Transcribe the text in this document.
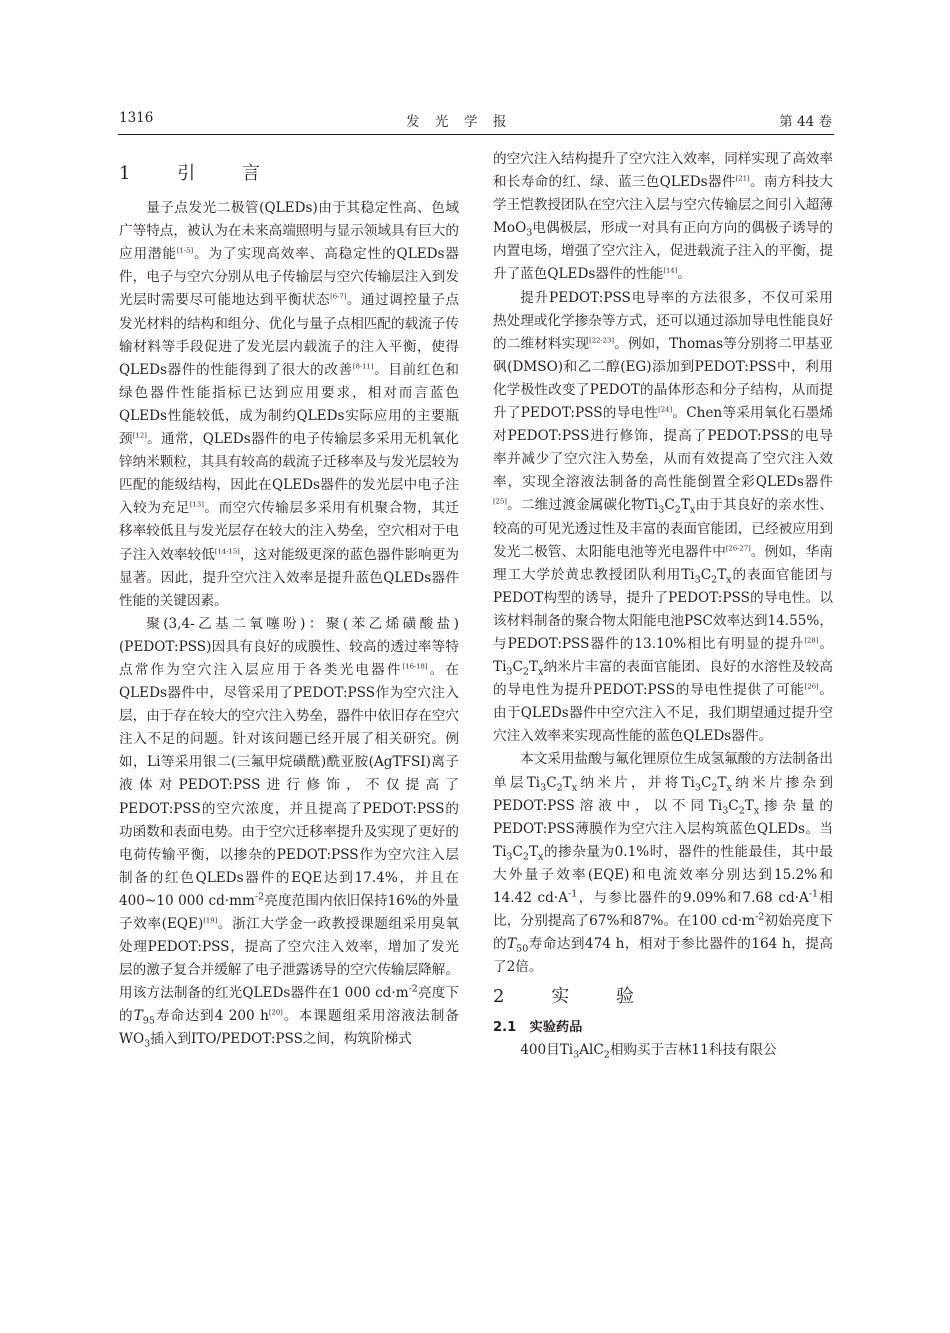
1316	发　光　学　报	第 44 卷
1　引　言

量子点发光二极管(QLEDs)由于其稳定性高、色域广等特点，被认为在未来高端照明与显示领域具有巨大的应用潜能[1-5]。为了实现高效率、高稳定性的QLEDs器件，电子与空穴分别从电子传输层与空穴传输层注入到发光层时需要尽可能地达到平衡状态[6-7]。通过调控量子点发光材料的结构和组分、优化与量子点相匹配的载流子传输材料等手段促进了发光层内载流子的注入平衡，使得QLEDs器件的性能得到了很大的改善[8-11]。目前红色和绿色器件性能指标已达到应用要求，相对而言蓝色QLEDs性能较低，成为制约QLEDs实际应用的主要瓶颈[12]。通常，QLEDs器件的电子传输层多采用无机氧化锌纳米颗粒，其具有较高的载流子迁移率及与发光层较为匹配的能级结构，因此在QLEDs器件的发光层中电子注入较为充足[13]。而空穴传输层多采用有机聚合物，其迁移率较低且与发光层存在较大的注入势垒，空穴相对于电子注入效率较低[14-15]，这对能级更深的蓝色器件影响更为显著。因此，提升空穴注入效率是提升蓝色QLEDs器件性能的关键因素。

聚(3,4-乙基二氧噻吩)：聚(苯乙烯磺酸盐)(PEDOT:PSS)因具有良好的成膜性、较高的透过率等特点常作为空穴注入层应用于各类光电器件[16-18]。在QLEDs器件中，尽管采用了PEDOT:PSS作为空穴注入层，由于存在较大的空穴注入势垒，器件中依旧存在空穴注入不足的问题。针对该问题已经开展了相关研究。例如，Li等采用银二(三氟甲烷磺酰)酰亚胺(AgTFSI)离子液体对PEDOT:PSS进行修饰，不仅提高了PEDOT:PSS的空穴浓度，并且提高了PEDOT:PSS的功函数和表面电势。由于空穴迁移率提升及实现了更好的电荷传输平衡，以掺杂的PEDOT:PSS作为空穴注入层制备的红色QLEDs器件的EQE达到17.4%，并且在400~10 000 $cd\cdot mm^{-2}$亮度范围内依旧保持16%的外量子效率(EQE)[19]。浙江大学金一政教授课题组采用臭氧处理PEDOT:PSS，提高了空穴注入效率，增加了发光层的激子复合并缓解了电子泄露诱导的空穴传输层降解。用该方法制备的红光QLEDs器件在1 000 $cd\cdot m^{-2}$亮度下的$T_{95}$寿命达到4 200 h[20]。本课题组采用溶液法制备$WO_3$插入到ITO/PEDOT:PSS之间，构筑阶梯式

的空穴注入结构提升了空穴注入效率，同样实现了高效率和长寿命的红、绿、蓝三色QLEDs器件[21]。南方科技大学王恺教授团队在空穴注入层与空穴传输层之间引入超薄MoO$_3$电偶极层，形成一对具有正向方向的偶极子诱导的内置电场，增强了空穴注入，促进载流子注入的平衡，提升了蓝色QLEDs器件的性能[14]。

提升PEDOT:PSS电导率的方法很多，不仅可采用热处理或化学掺杂等方式，还可以通过添加导电性能良好的二维材料实现[22-23]。例如，Thomas等分别将二甲基亚砜(DMSO)和乙二醇(EG)添加到PEDOT:PSS中，利用化学极性改变了PEDOT的晶体形态和分子结构，从而提升了PEDOT:PSS的导电性[24]。Chen等采用氧化石墨烯对PEDOT:PSS进行修饰，提高了PEDOT:PSS的电导率并减少了空穴注入势垒，从而有效提高了空穴注入效率，实现全溶液法制备的高性能倒置全彩QLEDs器件[25]。二维过渡金属碳化物$Ti_3C_2T_x$由于其良好的亲水性、较高的可见光透过性及丰富的表面官能团，已经被应用到发光二极管、太阳能电池等光电器件中[26-27]。例如，华南理工大学於黄忠教授团队利用$Ti_3C_2T_x$的表面官能团与PEDOT构型的诱导，提升了PEDOT:PSS的导电性。以该材料制备的聚合物太阳能电池PSC效率达到14.55%，与PEDOT:PSS器件的13.10%相比有明显的提升[28]。$Ti_3C_2T_x$纳米片丰富的表面官能团、良好的水溶性及较高的导电性为提升PEDOT:PSS的导电性提供了可能[26]。由于QLEDs器件中空穴注入不足，我们期望通过提升空穴注入效率来实现高性能的蓝色QLEDs器件。

本文采用盐酸与氟化锂原位生成氢氟酸的方法制备出单层$Ti_3C_2T_x$纳米片，并将$Ti_3C_2T_x$纳米片掺杂到PEDOT:PSS溶液中，以不同$Ti_3C_2T_x$掺杂量的PEDOT:PSS薄膜作为空穴注入层构筑蓝色QLEDs。当$Ti_3C_2T_x$的掺杂量为0.1%时，器件的性能最佳，其中最大外量子效率(EQE)和电流效率分别达到15.2%和14.42 $cd\cdot A^{-1}$，与参比器件的9.09%和7.68 $cd\cdot A^{-1}$相比，分别提高了67%和87%。在100 $cd\cdot m^{-2}$初始亮度下的$T_{50}$寿命达到474 h，相对于参比器件的164 h，提高了2倍。

2　实　验
2.1　实验药品

400目$Ti_3AlC_2$相购买于吉林11科技有限公
